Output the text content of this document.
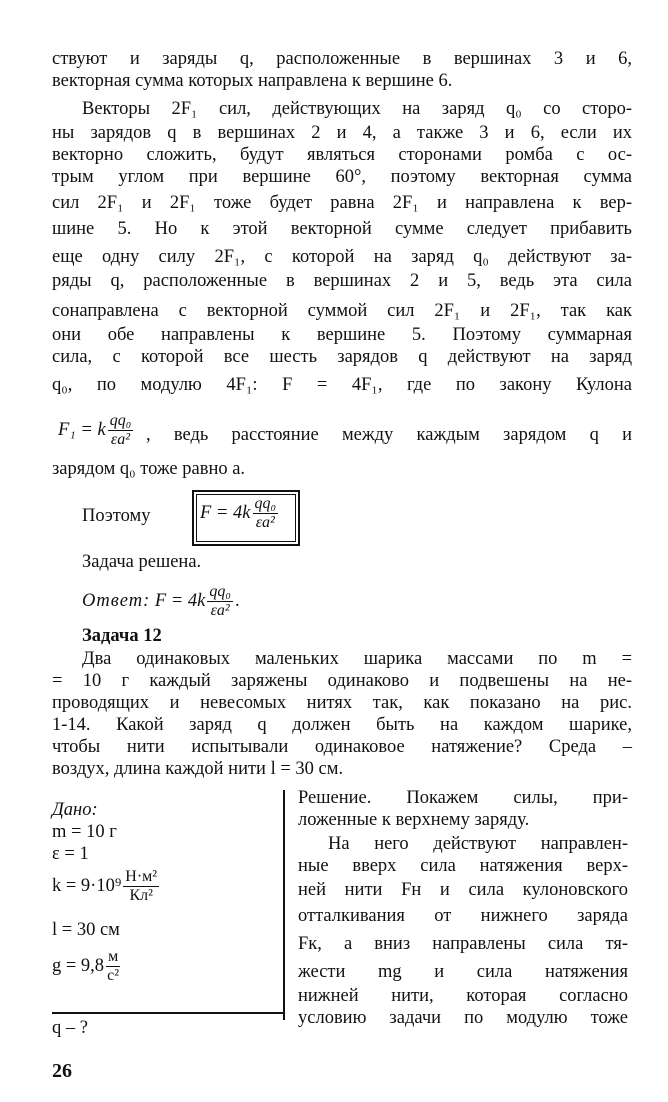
ствуют и заряды q, расположенные в вершинах 3 и 6,
векторная сумма которых направлена к вершине 6.
Векторы 2F₁ сил, действующих на заряд q₀ со сторо-
ны зарядов q в вершинах 2 и 4, а также 3 и 6, если их
векторно сложить, будут являться сторонами ромба с ос-
трым углом при вершине 60°, поэтому векторная сумма
сил 2F₁ и 2F₁ тоже будет равна 2F₁ и направлена к вер-
шине 5. Но к этой векторной сумме следует прибавить
еще одну силу 2F₁, с которой на заряд q₀ действуют за-
ряды q, расположенные в вершинах 2 и 5, ведь эта сила
сонаправлена с векторной суммой сил 2F₁ и 2F₁, так как
они обе направлены к вершине 5. Поэтому суммарная
сила, с которой все шесть зарядов q действуют на заряд
q₀, по модулю 4F₁: F = 4F₁, где по закону Кулона
F₁ = k $\frac{\text{qq₀}}{\text{εa²}}$ , ведь расстояние между каждым зарядом q и
зарядом q₀ тоже равно a.
Поэтому	$F = 4k \frac{\text{qq₀}}{\text{εa²}}$
Задача решена.
Ответ: $F = 4k \frac{\text{qq₀}}{\text{εa²}}$ .
Задача 12
Два одинаковых маленьких шарика массами по m =
= 10 г каждый заряжены одинаково и подвешены на не-
проводящих и невесомых нитях так, как показано на рис.
1-14. Какой заряд q должен быть на каждом шарике,
чтобы нити испытывали одинаковое натяжение? Среда –
воздух, длина каждой нити l = 30 см.
Дано:
m = 10 г
ε = 1
$k = 9\cdot 10^9 \frac{\text{Н·м²}}{\text{Кл²}}$
l = 30 см
$g = 9,8 \frac{м}{\text{с²}}$
q – ?
Решение. Покажем силы, при-
ложенные к верхнему заряду.
На него действуют направлен-
ные вверх сила натяжения верх-
ней нити Fн и сила кулоновского
отталкивания от нижнего заряда
Fк, а вниз направлены сила тя-
жести mg и сила натяжения
нижней нити, которая согласно
условию задачи по модулю тоже
26
